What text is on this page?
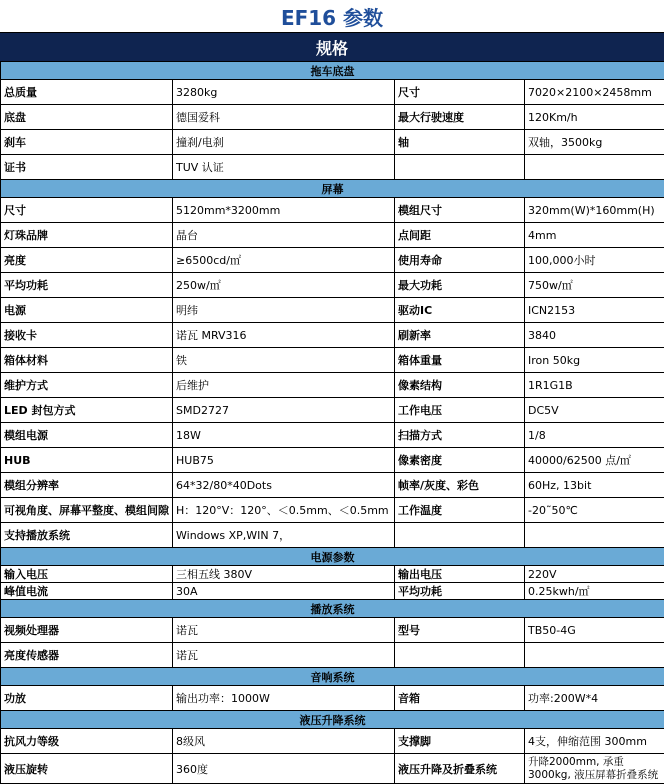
EF16 参数
规格
拖车底盘			
总质量	3280kg	尺寸	7020×2100×2458mm
底盘	德国爱科	最大行驶速度	120Km/h
刹车	撞刹/电刹	轴	双轴，3500kg
证书	TUV 认证		
屏幕			
尺寸	5120mm*3200mm	模组尺寸	320mm(W)*160mm(H)
灯珠品牌	晶台	点间距	4mm
亮度	≥6500cd/㎡	使用寿命	100,000小时
平均功耗	250w/㎡	最大功耗	750w/㎡
电源	明纬	驱动IC	ICN2153
接收卡	诺瓦 MRV316	刷新率	3840
箱体材料	铁	箱体重量	Iron 50kg
维护方式	后维护	像素结构	1R1G1B
LED 封包方式	SMD2727	工作电压	DC5V
模组电源	18W	扫描方式	1/8
HUB	HUB75	像素密度	40000/62500 点/㎡
模组分辨率	64*32/80*40Dots	帧率/灰度、彩色	60Hz, 13bit
可视角度、屏幕平整度、模组间隙	H：120°V：120°、＜0.5mm、＜0.5mm	工作温度	-20˜50℃
支持播放系统	Windows XP,WIN 7，		
电源参数			
输入电压	三相五线 380V	输出电压	220V
峰值电流	30A	平均功耗	0.25kwh/㎡
播放系统			
视频处理器	诺瓦	型号	TB50-4G
亮度传感器	诺瓦		
音响系统			
功放	输出功率：1000W	音箱	功率:200W*4
液压升降系统			
抗风力等级	8级风	支撑脚	4支，伸缩范围 300mm
液压旋转	360度	液压升降及折叠系统	升降2000mm, 承重 3000kg, 液压屏幕折叠系统
